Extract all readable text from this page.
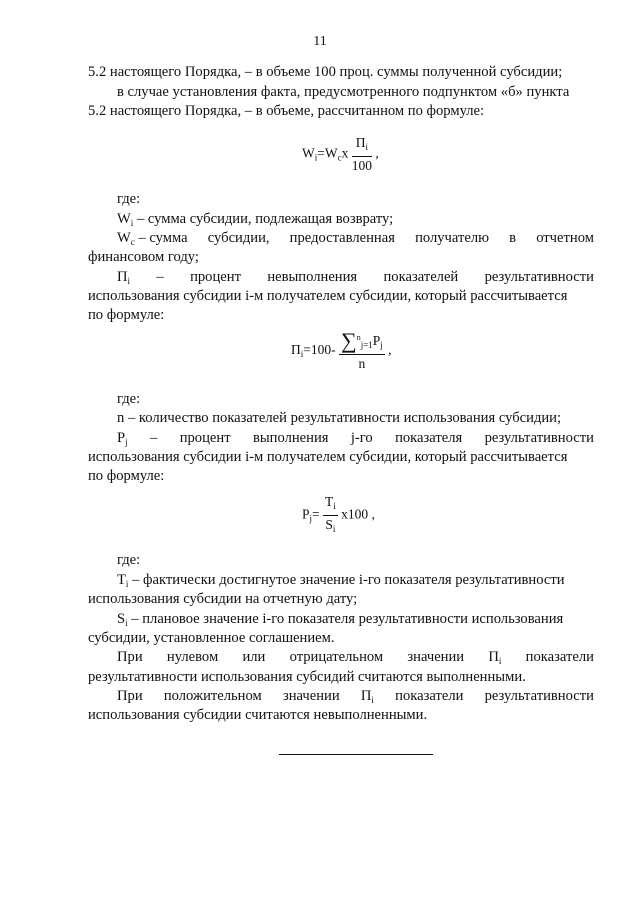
11

5.2 настоящего Порядка, – в объеме 100 проц. суммы полученной субсидии;

в случае установления факта, предусмотренного подпунктом «б» пункта

5.2 настоящего Порядка, – в объеме, рассчитанном по формуле:

$W_i=W_cx \frac{П_i}{100}$ ,

где:

$W_i$ – сумма субсидии, подлежащая возврату;

$W_c$ – сумма субсидии, предоставленная получателю в отчетном

финансовом году;

$П_i$ – процент невыполнения показателей результативности

использования субсидии i-м получателем субсидии, который рассчитывается

по формуле:

$П_i=100- \frac{\sum^n_{j=1}P_j}{n}$ ,

где:

n – количество показателей результативности использования субсидии;

$P_j$ – процент выполнения j-го показателя результативности

использования субсидии i-м получателем субсидии, который рассчитывается

по формуле:

$P_j= \frac{T_i}{S_i} x100$ ,

где:

$T_i$ – фактически достигнутое значение i-го показателя результативности

использования субсидии на отчетную дату;

$S_i$ – плановое значение i-го показателя результативности использования

субсидии, установленное соглашением.

При нулевом или отрицательном значении $П_i$ показатели

результативности использования субсидий считаются выполненными.

При положительном значении $П_i$ показатели результативности

использования субсидии считаются невыполненными.
